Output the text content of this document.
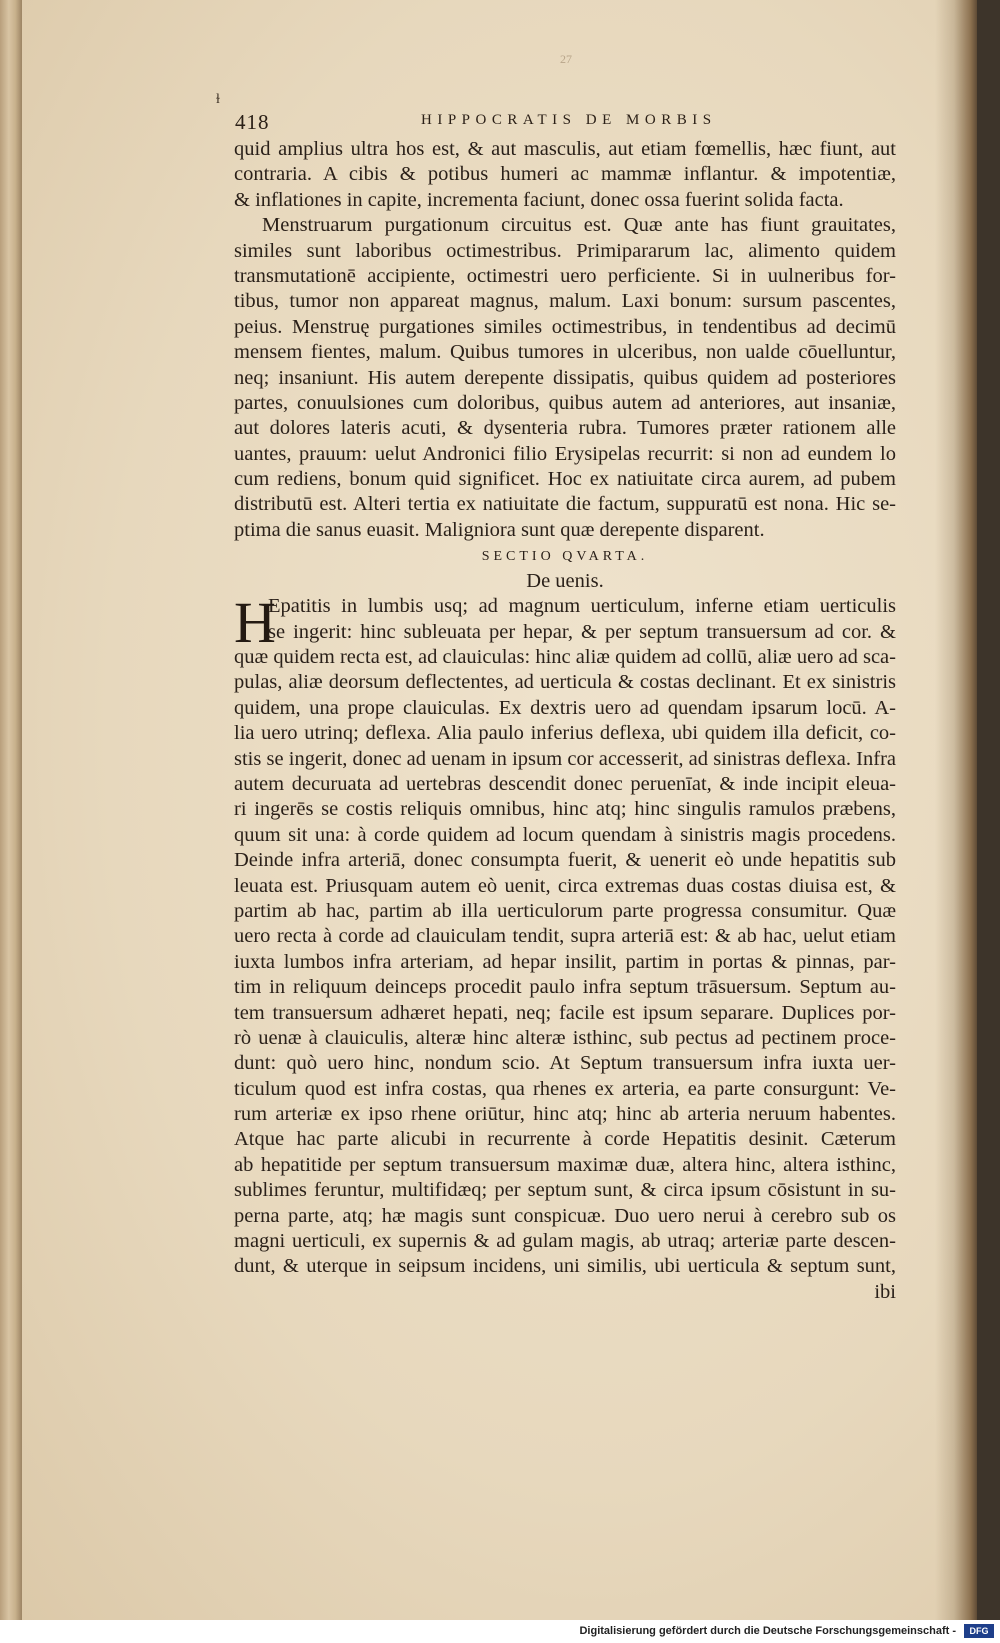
27
ɫ
418	HIPPOCRATIS DE MORBIS
quid amplius ultra hos est, & aut masculis, aut etiam fœmellis, hæc fiunt, aut
contraria. A cibis & potibus humeri ac mammæ inflantur. & impotentiæ,
& inflationes in capite, incrementa faciunt, donec ossa fuerint solida facta.
Menstruarum purgationum circuitus est. Quæ ante has fiunt grauitates,
similes sunt laboribus octimestribus. Primipararum lac, alimento quidem
transmutationē accipiente, octimestri uero perficiente. Si in uulneribus for-
tibus, tumor non appareat magnus, malum. Laxi bonum: sursum pascentes,
peius. Menstruę purgationes similes octimestribus, in tendentibus ad decimū
mensem fientes, malum. Quibus tumores in ulceribus, non ualde cōuelluntur,
neq; insaniunt. His autem derepente dissipatis, quibus quidem ad posteriores
partes, conuulsiones cum doloribus, quibus autem ad anteriores, aut insaniæ,
aut dolores lateris acuti, & dysenteria rubra. Tumores præter rationem alle
uantes, prauum: uelut Andronici filio Erysipelas recurrit: si non ad eundem lo
cum rediens, bonum quid significet. Hoc ex natiuitate circa aurem, ad pubem
distributū est. Alteri tertia ex natiuitate die factum, suppuratū est nona. Hic se-
ptima die sanus euasit. Maligniora sunt quæ derepente disparent.
SECTIO QVARTA.
De uenis.
H
Epatitis in lumbis usq; ad magnum uerticulum, inferne etiam uerticulis
se ingerit: hinc subleuata per hepar, & per septum transuersum ad cor. &
quæ quidem recta est, ad clauiculas: hinc aliæ quidem ad collū, aliæ uero ad sca-
pulas, aliæ deorsum deflectentes, ad uerticula & costas declinant. Et ex sinistris
quidem, una prope clauiculas. Ex dextris uero ad quendam ipsarum locū. A-
lia uero utrinq; deflexa. Alia paulo inferius deflexa, ubi quidem illa deficit, co-
stis se ingerit, donec ad uenam in ipsum cor accesserit, ad sinistras deflexa. Infra
autem decuruata ad uertebras descendit donec peruenīat, & inde incipit eleua-
ri ingerēs se costis reliquis omnibus, hinc atq; hinc singulis ramulos præbens,
quum sit una: à corde quidem ad locum quendam à sinistris magis procedens.
Deinde infra arteriā, donec consumpta fuerit, & uenerit eò unde hepatitis sub
leuata est. Priusquam autem eò uenit, circa extremas duas costas diuisa est, &
partim ab hac, partim ab illa uerticulorum parte progressa consumitur. Quæ
uero recta à corde ad clauiculam tendit, supra arteriā est: & ab hac, uelut etiam
iuxta lumbos infra arteriam, ad hepar insilit, partim in portas & pinnas, par-
tim in reliquum deinceps procedit paulo infra septum trāsuersum. Septum au-
tem transuersum adhæret hepati, neq; facile est ipsum separare. Duplices por-
rò uenæ à clauiculis, alteræ hinc alteræ isthinc, sub pectus ad pectinem proce-
dunt: quò uero hinc, nondum scio. At Septum transuersum infra iuxta uer-
ticulum quod est infra costas, qua rhenes ex arteria, ea parte consurgunt: Ve-
rum arteriæ ex ipso rhene oriūtur, hinc atq; hinc ab arteria neruum habentes.
Atque hac parte alicubi in recurrente à corde Hepatitis desinit. Cæterum
ab hepatitide per septum transuersum maximæ duæ, altera hinc, altera isthinc,
sublimes feruntur, multifidæq; per septum sunt, & circa ipsum cōsistunt in su-
perna parte, atq; hæ magis sunt conspicuæ. Duo uero nerui à cerebro sub os
magni uerticuli, ex supernis & ad gulam magis, ab utraq; arteriæ parte descen-
dunt, & uterque in seipsum incidens, uni similis, ubi uerticula & septum sunt,
ibi
Digitalisierung gefördert durch die Deutsche Forschungsgemeinschaft -	DFG
